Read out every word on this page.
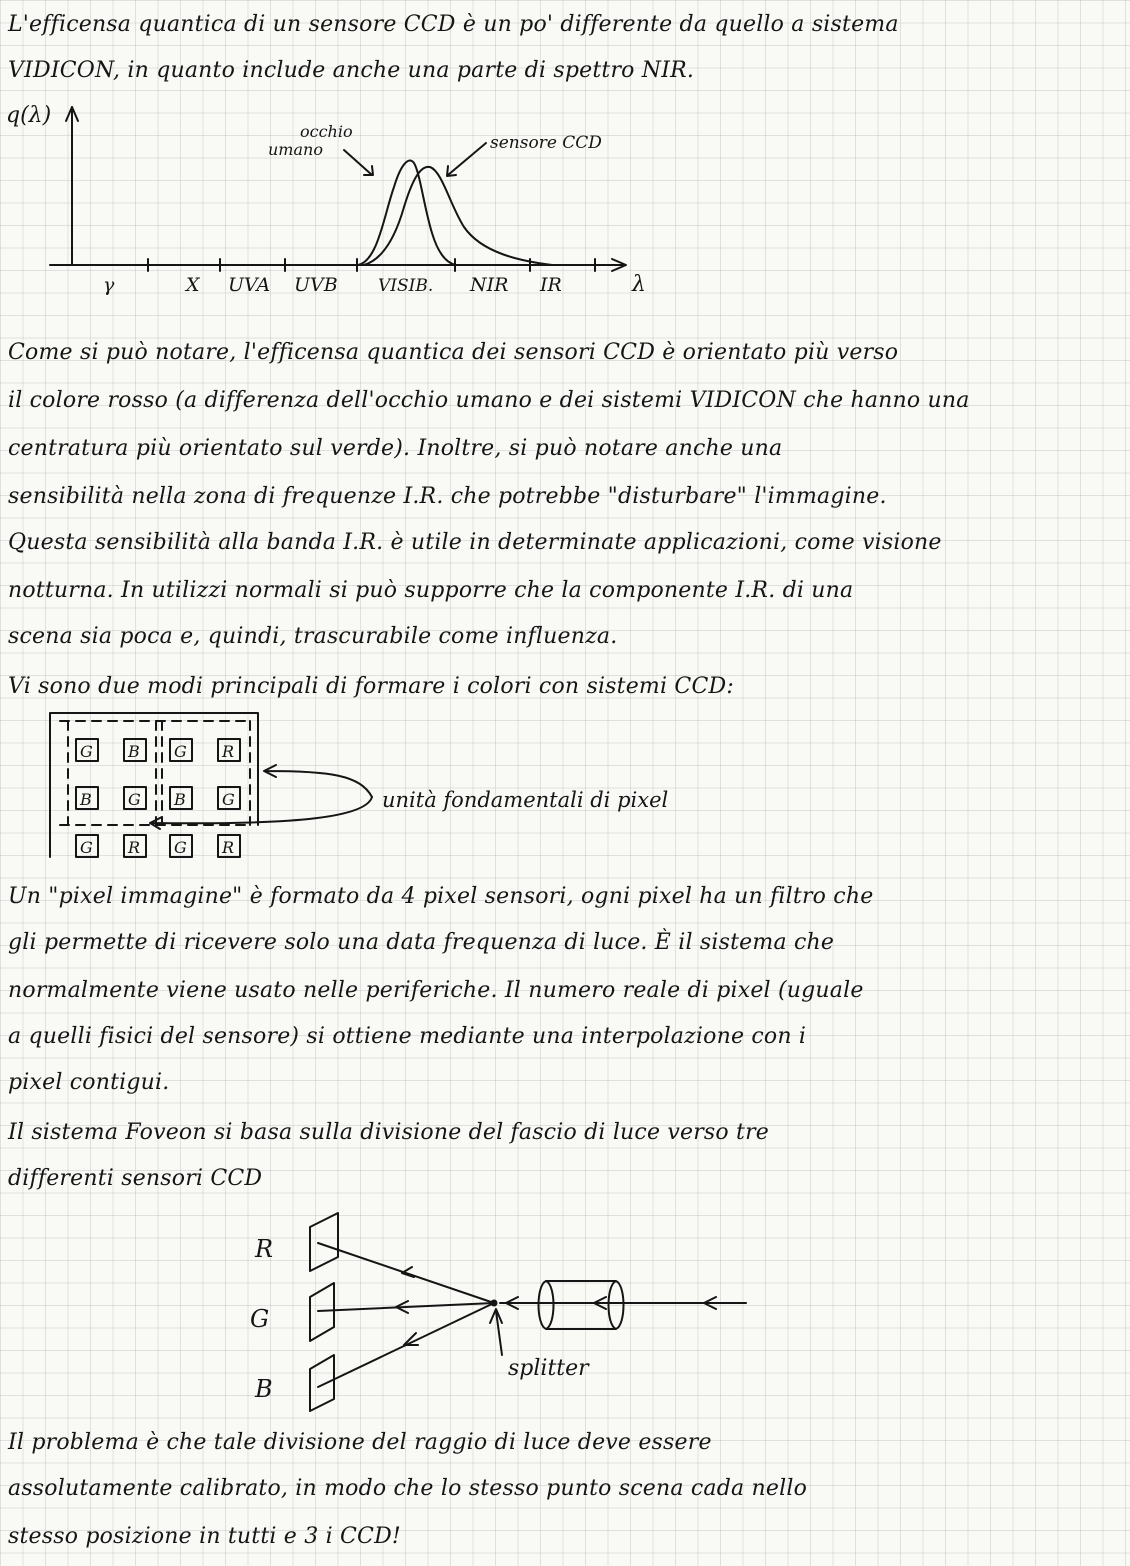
L'efficensa quantica di un sensore CCD è un po' differente da quello a sistema
VIDICON, in quanto include anche una parte di spettro NIR.
q(λ)
λ
γ	X UVA UVB VISIB. NIR IR
occhio
umano	sensore CCD
Come si può notare, l'efficensa quantica dei sensori CCD è orientato più verso
il colore rosso (a differenza dell'occhio umano e dei sistemi VIDICON che hanno una
centratura più orientato sul verde). Inoltre, si può notare anche una
sensibilità nella zona di frequenze I.R. che potrebbe "disturbare" l'immagine.
Questa sensibilità alla banda I.R. è utile in determinate applicazioni, come visione
notturna. In utilizzi normali si può supporre che la componente I.R. di una
scena sia poca e, quindi, trascurabile come influenza.
Vi sono due modi principali di formare i colori con sistemi CCD:
G B G R
B G B G
G R G R
unità fondamentali di pixel
Un "pixel immagine" è formato da 4 pixel sensori, ogni pixel ha un filtro che
gli permette di ricevere solo una data frequenza di luce. È il sistema che
normalmente viene usato nelle periferiche. Il numero reale di pixel (uguale
a quelli fisici del sensore) si ottiene mediante una interpolazione con i
pixel contigui.
Il sistema Foveon si basa sulla divisione del fascio di luce verso tre
differenti sensori CCD
R
G
B
splitter
Il problema è che tale divisione del raggio di luce deve essere
assolutamente calibrato, in modo che lo stesso punto scena cada nello
stesso posizione in tutti e 3 i CCD!
